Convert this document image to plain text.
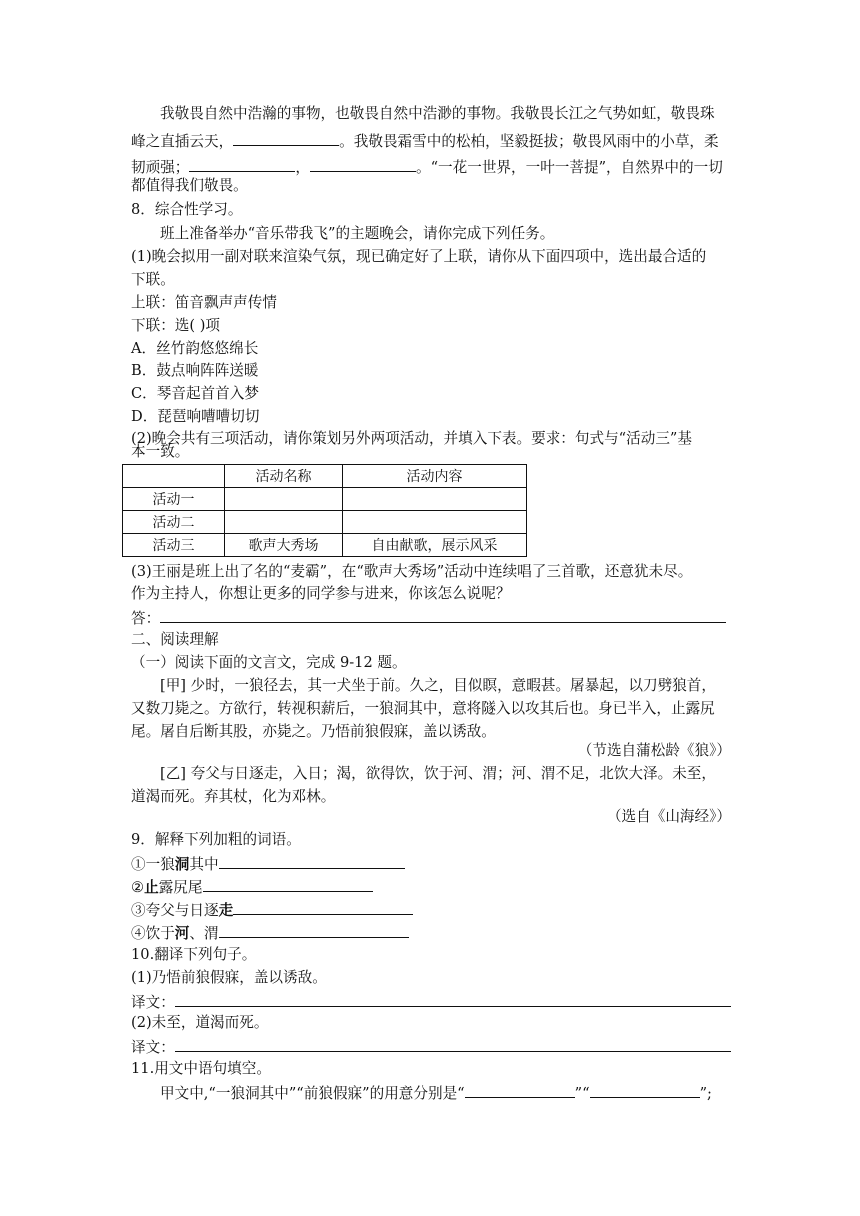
我敬畏自然中浩瀚的事物，也敬畏自然中浩渺的事物。我敬畏长江之气势如虹，敬畏珠
峰之直插云天，	。我敬畏霜雪中的松柏，坚毅挺拔；敬畏风雨中的小草，柔
韧顽强；	，	。“一花一世界，一叶一菩提”，自然界中的一切
都值得我们敬畏。
8．综合性学习。
班上准备举办“音乐带我飞”的主题晚会，请你完成下列任务。
(1)晚会拟用一副对联来渲染气氛，现已确定好了上联，请你从下面四项中，选出最合适的
下联。
上联：笛音飘声声传情
下联：选( )项
A．丝竹韵悠悠绵长
B．鼓点响阵阵送暖
C．琴音起首首入梦
D．琵琶响嘈嘈切切
(2)晚会共有三项活动，请你策划另外两项活动，并填入下表。要求：句式与“活动三”基
本一致。
	活动名称	活动内容
活动一		
活动二		
活动三	歌声大秀场	自由献歌，展示风采
(3)王丽是班上出了名的“麦霸”，在“歌声大秀场”活动中连续唱了三首歌，还意犹未尽。
作为主持人，你想让更多的同学参与进来，你该怎么说呢？
答：
二、阅读理解
（一）阅读下面的文言文，完成 9-12 题。
[甲] 少时，一狼径去，其一犬坐于前。久之，目似瞑，意暇甚。屠暴起，以刀劈狼首，
又数刀毙之。方欲行，转视积薪后，一狼洞其中，意将隧入以攻其后也。身已半入，止露尻
尾。屠自后断其股，亦毙之。乃悟前狼假寐，盖以诱敌。
（节选自蒲松龄《狼》）
[乙] 夸父与日逐走，入日；渴，欲得饮，饮于河、渭；河、渭不足，北饮大泽。未至，
道渴而死。弃其杖，化为邓林。
（选自《山海经》）
9．解释下列加粗的词语。
①一狼洞其中
②止露尻尾
③夸父与日逐走
④饮于河、渭
10.翻译下列句子。
(1)乃悟前狼假寐，盖以诱敌。
译文：
(2)未至，道渴而死。
译文：
11.用文中语句填空。
甲文中,“一狼洞其中”“前狼假寐”的用意分别是“	”“	”;
